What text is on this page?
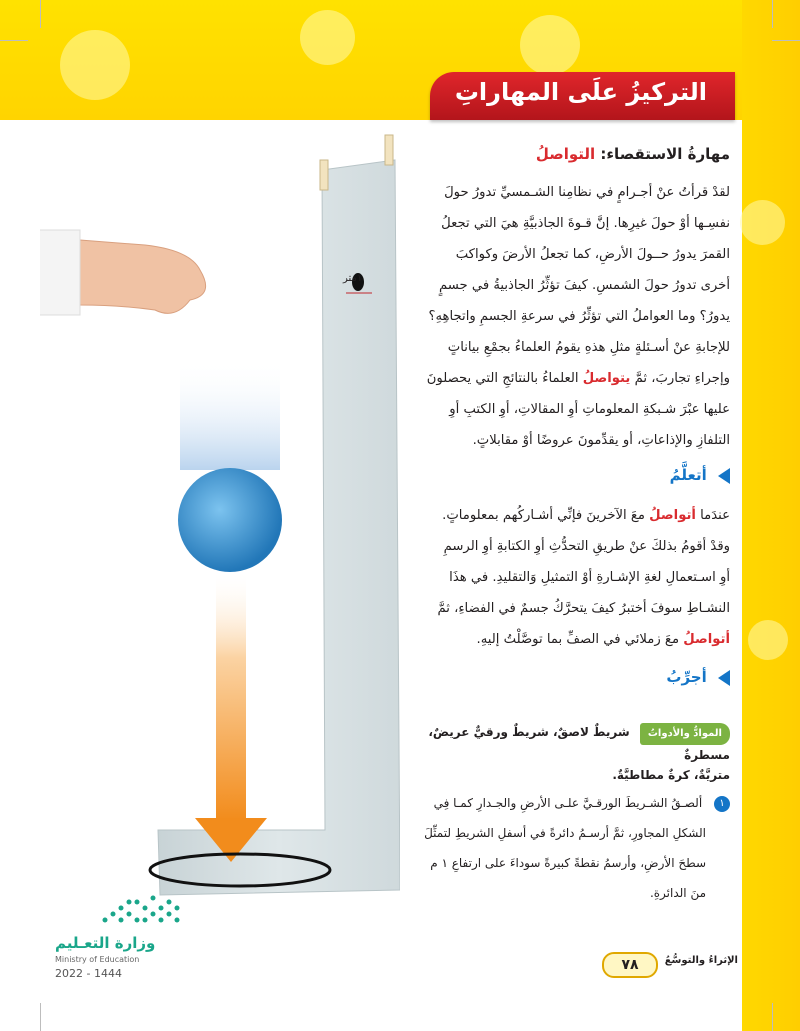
التركيزُ علَى المهاراتِ
١متر
مهارةُ الاستقصاء: التواصلُ
لقدْ قرأتُ عنْ أجـرامٍ في نظامِنا الشـمسيِّ تدورُ حولَ
نفسِـها أوْ حولَ غيرِها. إنَّ قـوةَ الجاذبيَّةِ هيَ التي تجعلُ
القمرَ يدورُ حــولَ الأرضِ، كما تجعلُ الأرضَ وكواكبَ
أخرى تدورُ حولَ الشمسِ. كيفَ تؤثِّرُ الجاذبيةُ في جسمٍ
يدورُ؟ وما العواملُ التي تؤثِّرُ في سرعةِ الجسمِ واتجاهِهِ؟
للإجابةِ عنْ أسـئلةٍ مثلِ هذهِ يقومُ العلماءُ بجمْعِ بياناتٍ
وإجراءِ تجاربَ، ثمَّ يتواصلُ العلماءُ بالنتائجِ التي يحصلونَ
عليها عبْرَ شـبكةِ المعلوماتِ أوِ المقالاتِ، أوِ الكتبِ أوِ
التلفازِ والإذاعاتِ، أو يقدِّمونَ عروضًا أوْ مقابلاتٍ.
أتعلَّمُ
عندَما أتواصلُ معَ الآخرينَ فإنِّي أشـاركُهم بمعلوماتٍ.
وقدْ أقومُ بذلكَ عنْ طريقِ التحدُّثِ أوِ الكتابةِ أوِ الرسمِ
أوِ اسـتعمالِ لغةِ الإشـارةِ أوْ التمثيلِ وَالتقليدِ. في هذَا
النشـاطِ سوفَ أختبرُ كيفَ يتحرَّكُ جسمٌ في الفضاءِ، ثمَّ
أتواصلُ معَ زملائي في الصفِّ بما توصَّلْتُ إليهِ.
أجرِّبُ
الموادُّ والأدواتُ شريطٌ لاصقٌ، شريطٌ ورقيٌّ عريضٌ، مسطرةٌ
متريَّةٌ، كرةٌ مطاطيَّةٌ.
١ ألصـقُ الشـريطَ الورقـيَّ علـى الأرضِ والجـدارِ كمـا فِي
الشكلِ المجاورِ، ثمَّ أرسـمُ دائرةً في أسفلِ الشريطِ لتمثِّلَ
سطحَ الأرضِ، وأرسمُ نقطةً كبيرةً سوداءَ على ارتفاعِ ١ م
منَ الدائرةِ.
٧٨	الإثراءُ والتوسُّعُ
وزارة التعـليم
Ministry of Education
2022 - 1444
